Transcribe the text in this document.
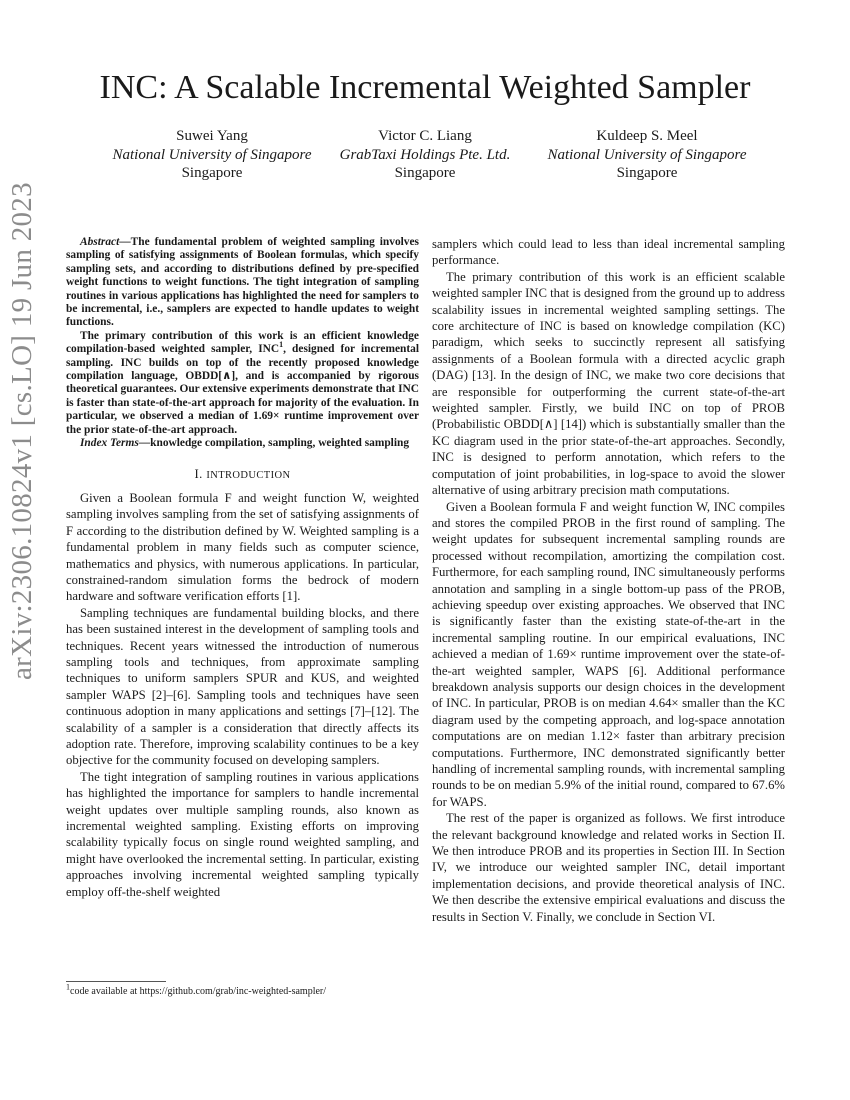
INC: A Scalable Incremental Weighted Sampler
Suwei Yang
National University of Singapore
Singapore
Victor C. Liang
GrabTaxi Holdings Pte. Ltd.
Singapore
Kuldeep S. Meel
National University of Singapore
Singapore
arXiv:2306.10824v1 [cs.LO] 19 Jun 2023	Abstract—The fundamental problem of weighted sampling involves sampling of satisfying assignments of Boolean formulas, which specify sampling sets, and according to distributions defined by pre-specified weight functions to weight functions. The tight integration of sampling routines in various applications has highlighted the need for samplers to be incremental, i.e., samplers are expected to handle updates to weight functions.

The primary contribution of this work is an efficient knowledge compilation-based weighted sampler, INC$^1$, designed for incremental sampling. INC builds on top of the recently proposed knowledge compilation language, OBDD[∧], and is accompanied by rigorous theoretical guarantees. Our extensive experiments demonstrate that INC is faster than state-of-the-art approach for majority of the evaluation. In particular, we observed a median of 1.69× runtime improvement over the prior state-of-the-art approach.

Index Terms—knowledge compilation, sampling, weighted sampling

I. INTRODUCTION

Given a Boolean formula F and weight function W, weighted sampling involves sampling from the set of satisfying assignments of F according to the distribution defined by W. Weighted sampling is a fundamental problem in many fields such as computer science, mathematics and physics, with numerous applications. In particular, constrained-random simulation forms the bedrock of modern hardware and software verification efforts [1].

Sampling techniques are fundamental building blocks, and there has been sustained interest in the development of sampling tools and techniques. Recent years witnessed the introduction of numerous sampling tools and techniques, from approximate sampling techniques to uniform samplers SPUR and KUS, and weighted sampler WAPS [2]–[6]. Sampling tools and techniques have seen continuous adoption in many applications and settings [7]–[12]. The scalability of a sampler is a consideration that directly affects its adoption rate. Therefore, improving scalability continues to be a key objective for the community focused on developing samplers.

The tight integration of sampling routines in various applications has highlighted the importance for samplers to handle incremental weight updates over multiple sampling rounds, also known as incremental weighted sampling. Existing efforts on improving scalability typically focus on single round weighted sampling, and might have overlooked the incremental setting. In particular, existing approaches involving incremental weighted sampling typically employ off-the-shelf weighted

$^1$code available at https://github.com/grab/inc-weighted-sampler/

samplers which could lead to less than ideal incremental sampling performance.

The primary contribution of this work is an efficient scalable weighted sampler INC that is designed from the ground up to address scalability issues in incremental weighted sampling settings. The core architecture of INC is based on knowledge compilation (KC) paradigm, which seeks to succinctly represent all satisfying assignments of a Boolean formula with a directed acyclic graph (DAG) [13]. In the design of INC, we make two core decisions that are responsible for outperforming the current state-of-the-art weighted sampler. Firstly, we build INC on top of PROB (Probabilistic OBDD[∧] [14]) which is substantially smaller than the KC diagram used in the prior state-of-the-art approaches. Secondly, INC is designed to perform annotation, which refers to the computation of joint probabilities, in log-space to avoid the slower alternative of using arbitrary precision math computations.

Given a Boolean formula F and weight function W, INC compiles and stores the compiled PROB in the first round of sampling. The weight updates for subsequent incremental sampling rounds are processed without recompilation, amortizing the compilation cost. Furthermore, for each sampling round, INC simultaneously performs annotation and sampling in a single bottom-up pass of the PROB, achieving speedup over existing approaches. We observed that INC is significantly faster than the existing state-of-the-art in the incremental sampling routine. In our empirical evaluations, INC achieved a median of 1.69× runtime improvement over the state-of-the-art weighted sampler, WAPS [6]. Additional performance breakdown analysis supports our design choices in the development of INC. In particular, PROB is on median 4.64× smaller than the KC diagram used by the competing approach, and log-space annotation computations are on median 1.12× faster than arbitrary precision computations. Furthermore, INC demonstrated significantly better handling of incremental sampling rounds, with incremental sampling rounds to be on median 5.9% of the initial round, compared to 67.6% for WAPS.

The rest of the paper is organized as follows. We first introduce the relevant background knowledge and related works in Section II. We then introduce PROB and its properties in Section III. In Section IV, we introduce our weighted sampler INC, detail important implementation decisions, and provide theoretical analysis of INC. We then describe the extensive empirical evaluations and discuss the results in Section V. Finally, we conclude in Section VI.
